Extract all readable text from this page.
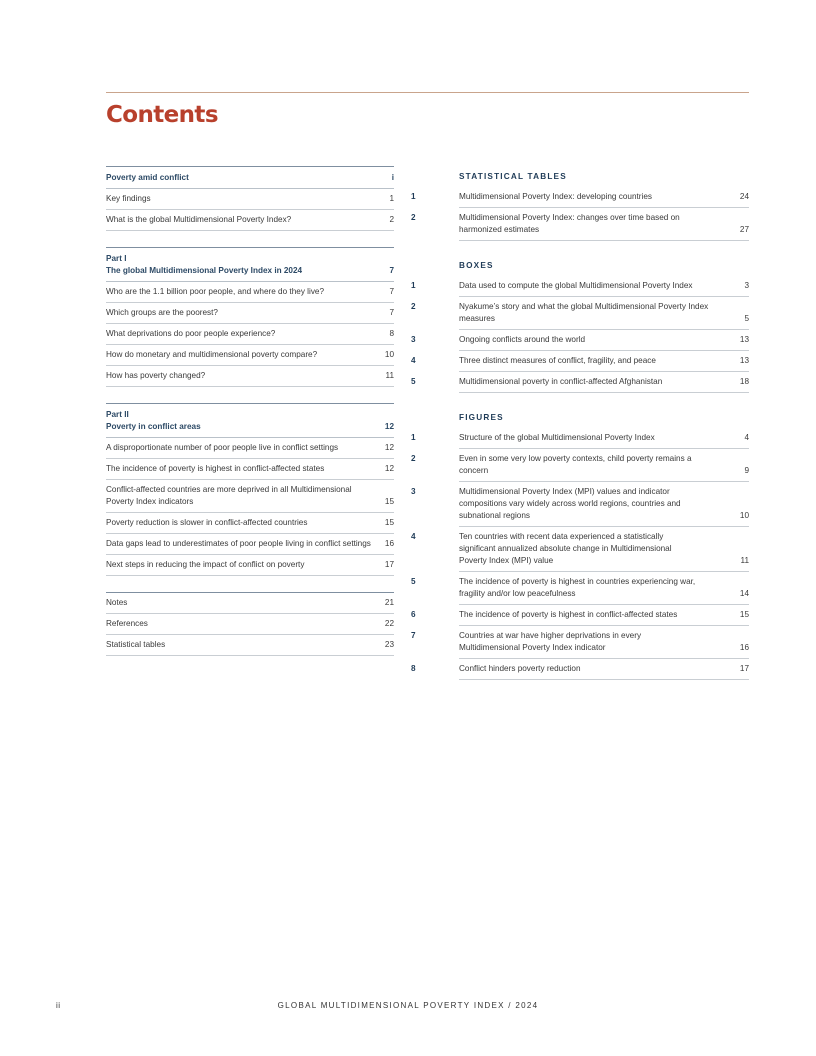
Contents
Poverty amid conflict	i
Key findings	1
What is the global Multidimensional Poverty Index?	2
Part I
The global Multidimensional Poverty Index in 2024	7
Who are the 1.1 billion poor people, and where do they live?	7
Which groups are the poorest?	7
What deprivations do poor people experience?	8
How do monetary and multidimensional poverty compare?	10
How has poverty changed?	11
Part II
Poverty in conflict areas	12
A disproportionate number of poor people live in conflict settings	12
The incidence of poverty is highest in conflict-affected states	12
Conflict-affected countries are more deprived in all Multidimensional Poverty Index indicators	15
Poverty reduction is slower in conflict-affected countries	15
Data gaps lead to underestimates of poor people living in conflict settings	16
Next steps in reducing the impact of conflict on poverty	17
Notes	21
References	22
Statistical tables	23
STATISTICAL TABLES
1	Multidimensional Poverty Index: developing countries	24
2	Multidimensional Poverty Index: changes over time based on harmonized estimates	27
BOXES
1	Data used to compute the global Multidimensional Poverty Index	3
2	Nyakume’s story and what the global Multidimensional Poverty Index measures	5
3	Ongoing conflicts around the world	13
4	Three distinct measures of conflict, fragility, and peace	13
5	Multidimensional poverty in conflict-affected Afghanistan	18
FIGURES
1	Structure of the global Multidimensional Poverty Index	4
2	Even in some very low poverty contexts, child poverty remains a concern	9
3	Multidimensional Poverty Index (MPI) values and indicator compositions vary widely across world regions, countries and subnational regions	10
4	Ten countries with recent data experienced a statistically significant annualized absolute change in Multidimensional Poverty Index (MPI) value	11
5	The incidence of poverty is highest in countries experiencing war, fragility and/or low peacefulness	14
6	The incidence of poverty is highest in conflict-affected states	15
7	Countries at war have higher deprivations in every Multidimensional Poverty Index indicator	16
8	Conflict hinders poverty reduction	17
ii	GLOBAL MULTIDIMENSIONAL POVERTY INDEX / 2024
